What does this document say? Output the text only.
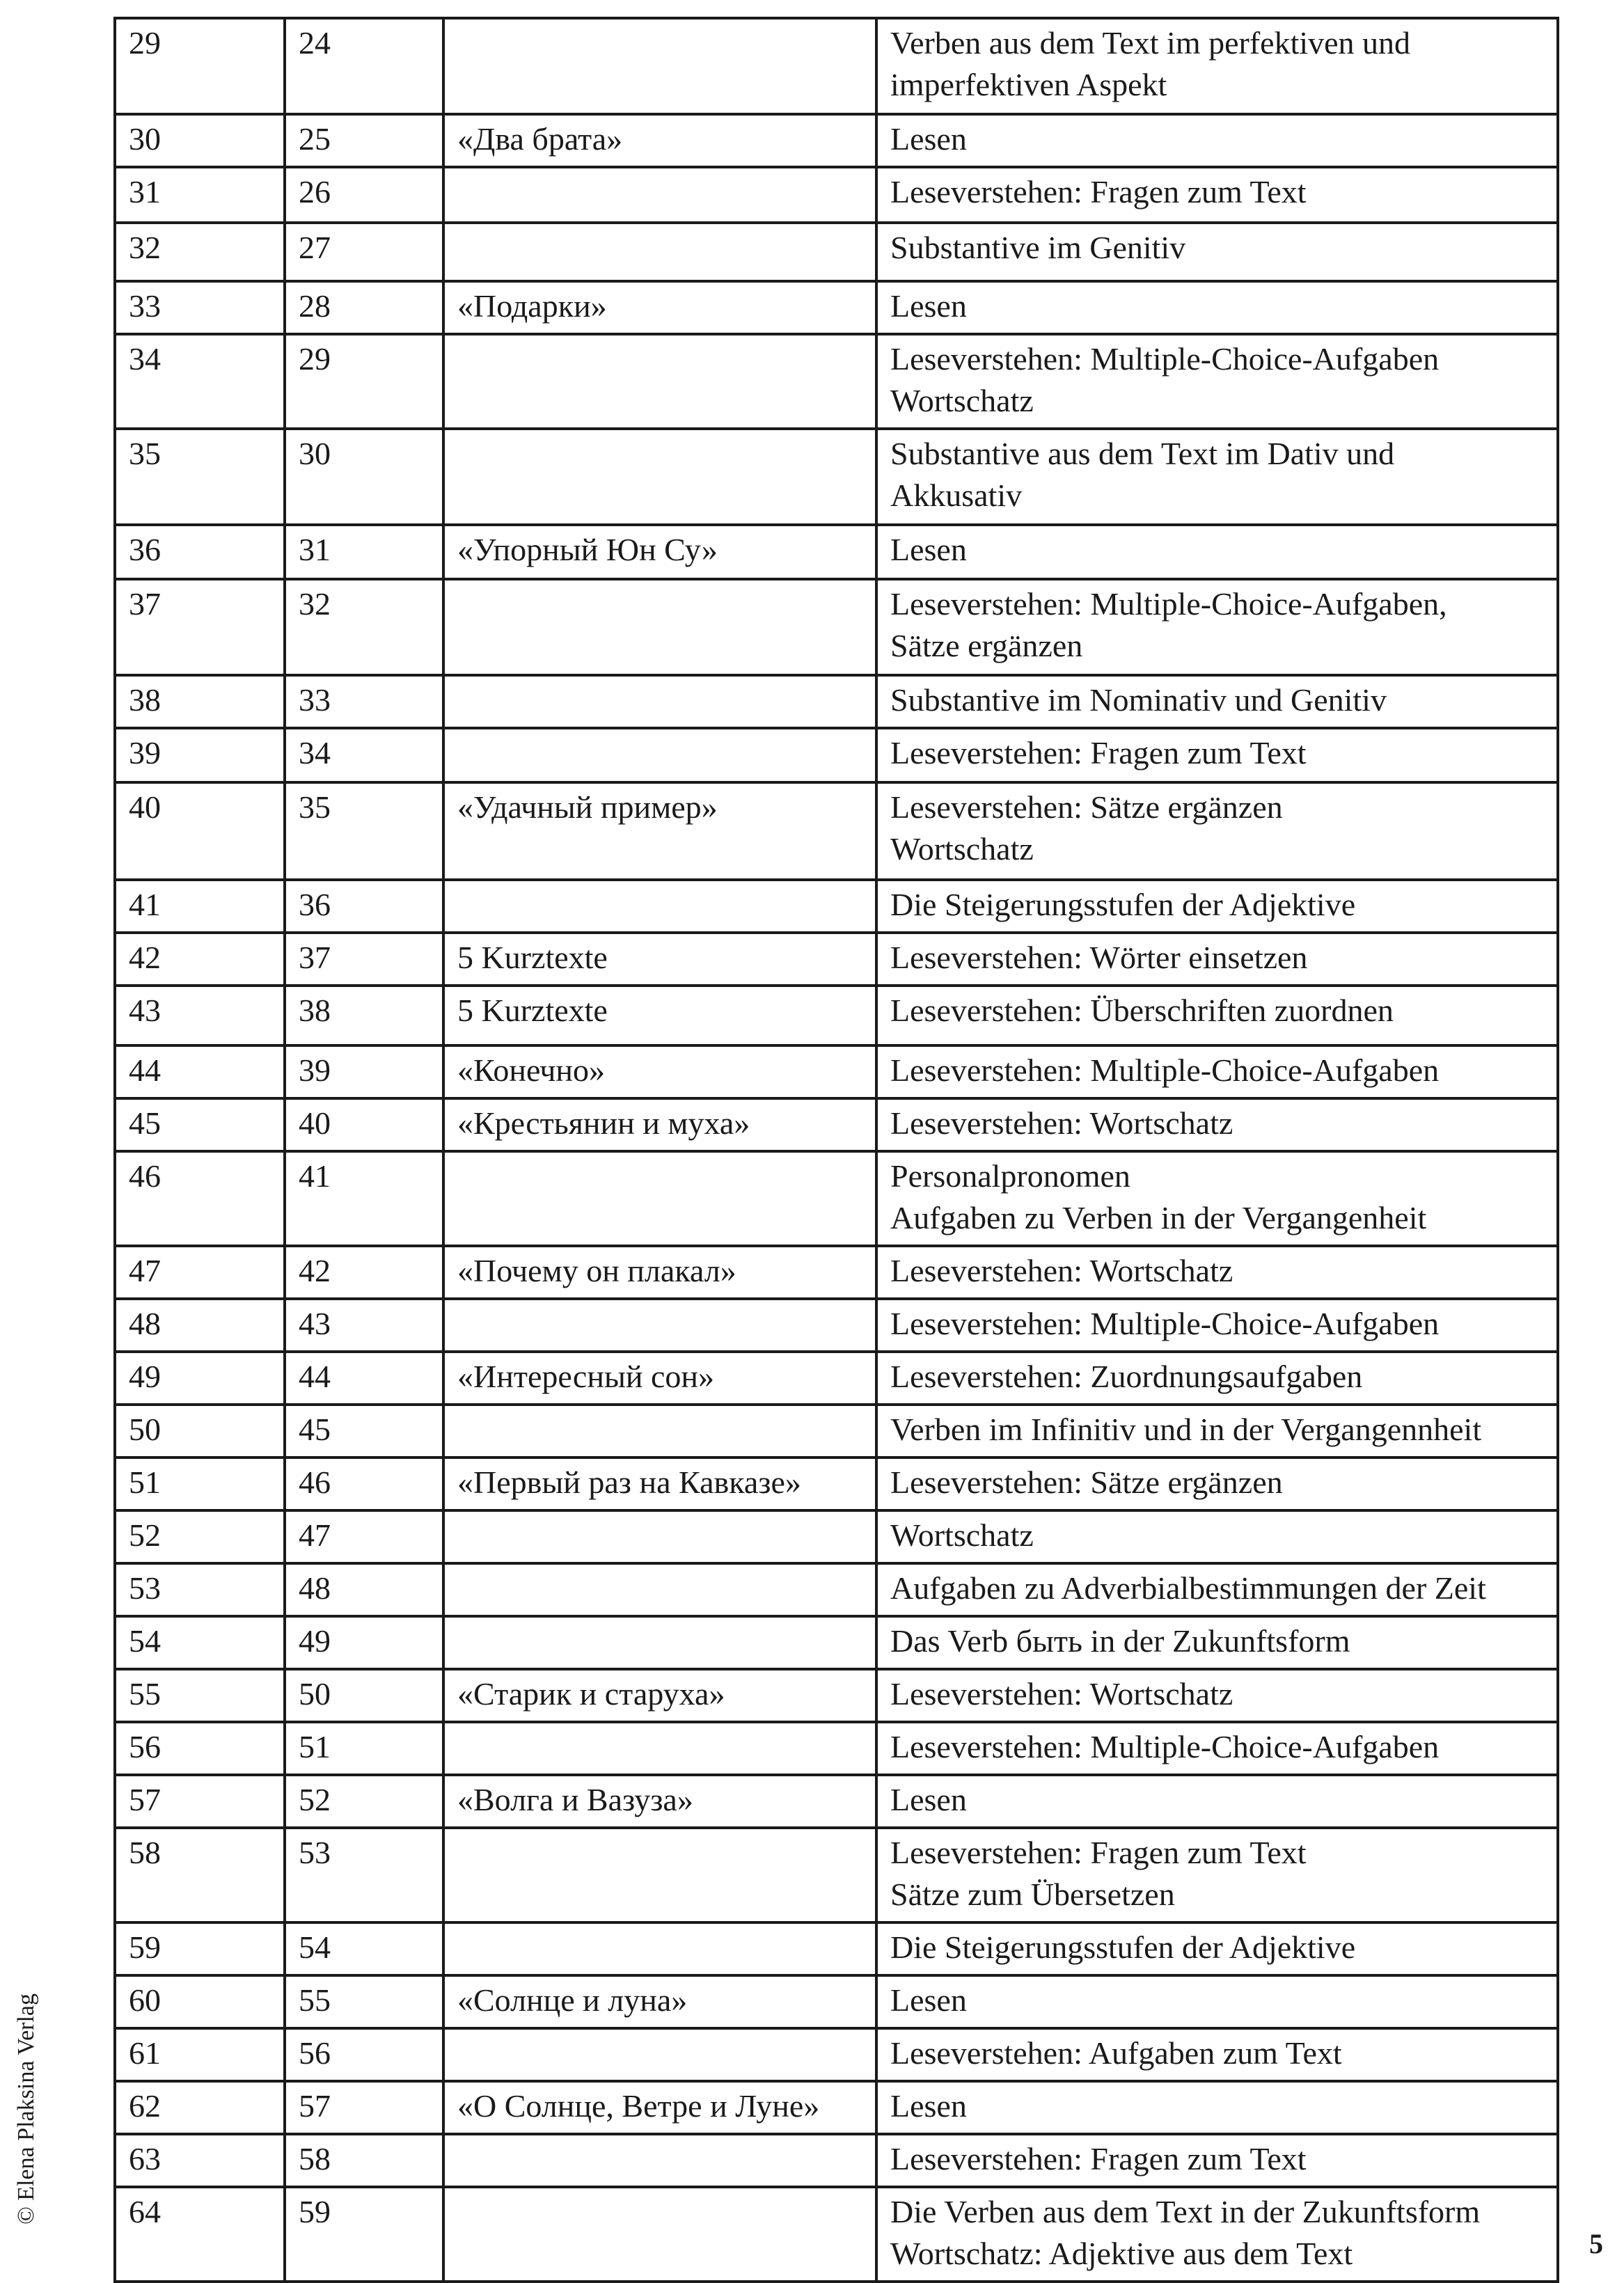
29	24		Verben aus dem Text im perfektiven und
imperfektiven Aspekt
30	25	«Два брата»	Lesen
31	26		Leseverstehen: Fragen zum Text
32	27		Substantive im Genitiv
33	28	«Подарки»	Lesen
34	29		Leseverstehen: Multiple-Choice-Aufgaben
Wortschatz
35	30		Substantive aus dem Text im Dativ und
Akkusativ
36	31	«Упорный Юн Су»	Lesen
37	32		Leseverstehen: Multiple-Choice-Aufgaben,
Sätze ergänzen
38	33		Substantive im Nominativ und Genitiv
39	34		Leseverstehen: Fragen zum Text
40	35	«Удачный пример»	Leseverstehen: Sätze ergänzen
Wortschatz
41	36		Die Steigerungsstufen der Adjektive
42	37	5 Kurztexte	Leseverstehen: Wörter einsetzen
43	38	5 Kurztexte	Leseverstehen: Überschriften zuordnen
44	39	«Конечно»	Leseverstehen: Multiple-Choice-Aufgaben
45	40	«Крестьянин и муха»	Leseverstehen: Wortschatz
46	41		Personalpronomen
Aufgaben zu Verben in der Vergangenheit
47	42	«Почему он плакал»	Leseverstehen: Wortschatz
48	43		Leseverstehen: Multiple-Choice-Aufgaben
49	44	«Интересный сон»	Leseverstehen: Zuordnungsaufgaben
50	45		Verben im Infinitiv und in der Vergangennheit
51	46	«Первый раз на Кавказе»	Leseverstehen: Sätze ergänzen
52	47		Wortschatz
53	48		Aufgaben zu Adverbialbestimmungen der Zeit
54	49		Das Verb быть in der Zukunftsform
55	50	«Старик и старуха»	Leseverstehen: Wortschatz
56	51		Leseverstehen: Multiple-Choice-Aufgaben
57	52	«Волга и Вазуза»	Lesen
58	53		Leseverstehen: Fragen zum Text
Sätze zum Übersetzen
59	54		Die Steigerungsstufen der Adjektive
60	55	«Солнце и луна»	Lesen
61	56		Leseverstehen: Aufgaben zum Text
62	57	«О Солнце, Ветре и Луне»	Lesen
63	58		Leseverstehen: Fragen zum Text
64	59		Die Verben aus dem Text in der Zukunftsform
Wortschatz: Adjektive aus dem Text
© Elena Plaksina Verlag
5
